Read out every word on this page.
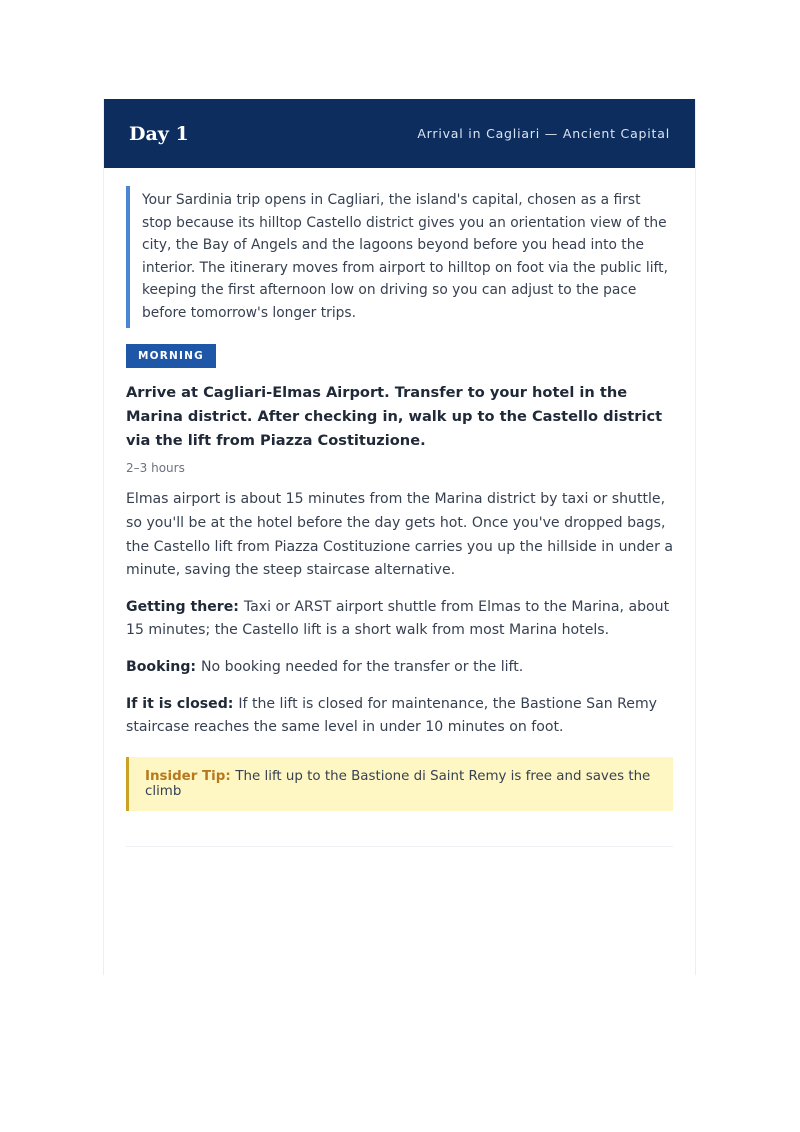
Day 1	Arrival in Cagliari — Ancient Capital
Your Sardinia trip opens in Cagliari, the island's capital, chosen as a first stop because its hilltop Castello district gives you an orientation view of the city, the Bay of Angels and the lagoons beyond before you head into the interior. The itinerary moves from airport to hilltop on foot via the public lift, keeping the first afternoon low on driving so you can adjust to the pace before tomorrow's longer trips.
MORNING
Arrive at Cagliari-Elmas Airport. Transfer to your hotel in the Marina district. After checking in, walk up to the Castello district via the lift from Piazza Costituzione.
2–3 hours
Elmas airport is about 15 minutes from the Marina district by taxi or shuttle, so you'll be at the hotel before the day gets hot. Once you've dropped bags, the Castello lift from Piazza Costituzione carries you up the hillside in under a minute, saving the steep staircase alternative.
Getting there: Taxi or ARST airport shuttle from Elmas to the Marina, about 15 minutes; the Castello lift is a short walk from most Marina hotels.
Booking: No booking needed for the transfer or the lift.
If it is closed: If the lift is closed for maintenance, the Bastione San Remy staircase reaches the same level in under 10 minutes on foot.
Insider Tip: The lift up to the Bastione di Saint Remy is free and saves the climb
